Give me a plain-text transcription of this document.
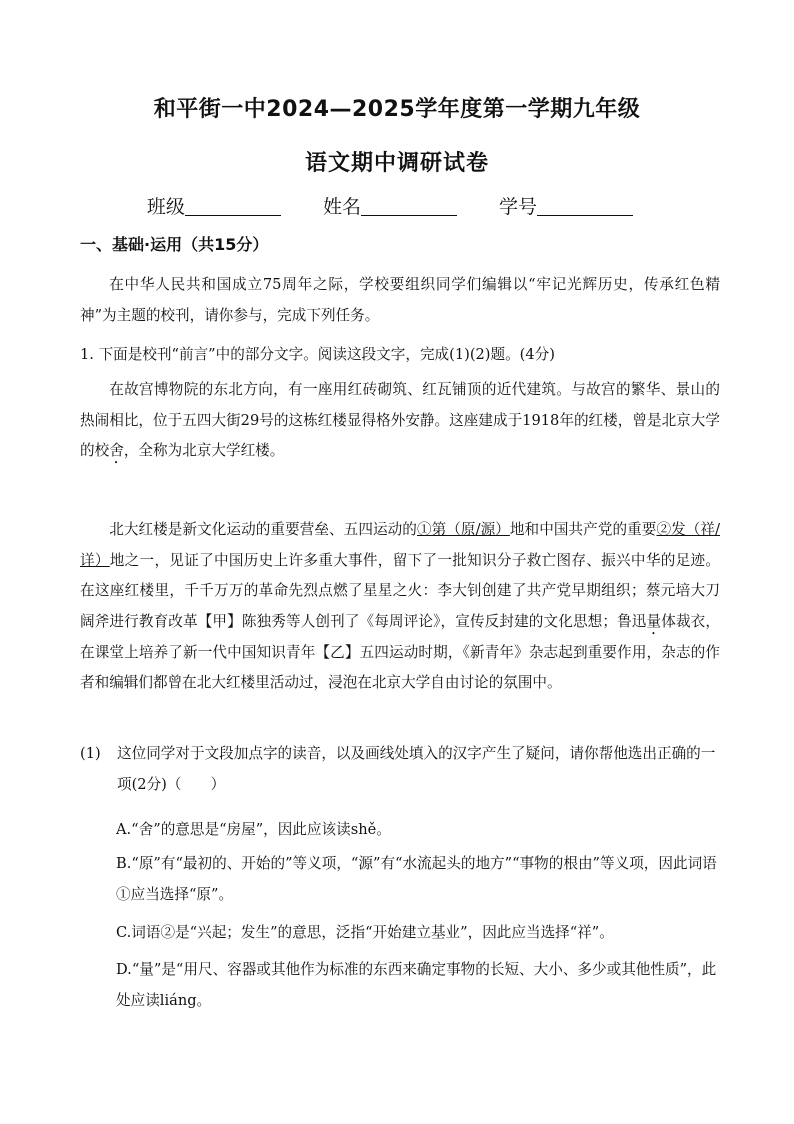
和平街一中2024—2025学年度第一学期九年级
语文期中调研试卷
班级	姓名	学号
一、基础·运用（共15分）
在中华人民共和国成立75周年之际，学校要组织同学们编辑以“牢记光辉历史，传承红色精神”为主题的校刊，请你参与，完成下列任务。
1. 下面是校刊“前言”中的部分文字。阅读这段文字，完成(1)(2)题。(4分)
在故宫博物院的东北方向，有一座用红砖砌筑、红瓦铺顶的近代建筑。与故宫的繁华、景山的热闹相比，位于五四大街29号的这栋红楼显得格外安静。这座建成于1918年的红楼，曾是北京大学的校舍，全称为北京大学红楼。
北大红楼是新文化运动的重要营垒、五四运动的①第（原/源）地和中国共产党的重要②发（祥/详）地之一，见证了中国历史上许多重大事件，留下了一批知识分子救亡图存、振兴中华的足迹。在这座红楼里，千千万万的革命先烈点燃了星星之火：李大钊创建了共产党早期组织；蔡元培大刀阔斧进行教育改革【甲】陈独秀等人创刊了《每周评论》，宣传反封建的文化思想；鲁迅量体裁衣，在课堂上培养了新一代中国知识青年【乙】五四运动时期，《新青年》杂志起到重要作用，杂志的作者和编辑们都曾在北大红楼里活动过，浸泡在北京大学自由讨论的氛围中。
(1) 这位同学对于文段加点字的读音，以及画线处填入的汉字产生了疑问，请你帮他选出正确的一项(2分)（　　）
A.“舍”的意思是“房屋”，因此应该读shě。
B.“原”有“最初的、开始的”等义项，“源”有“水流起头的地方”“事物的根由”等义项，因此词语①应当选择“原”。
C.词语②是“兴起；发生”的意思，泛指“开始建立基业”，因此应当选择“祥”。
D.“量”是“用尺、容器或其他作为标准的东西来确定事物的长短、大小、多少或其他性质”，此处应读liáng。
